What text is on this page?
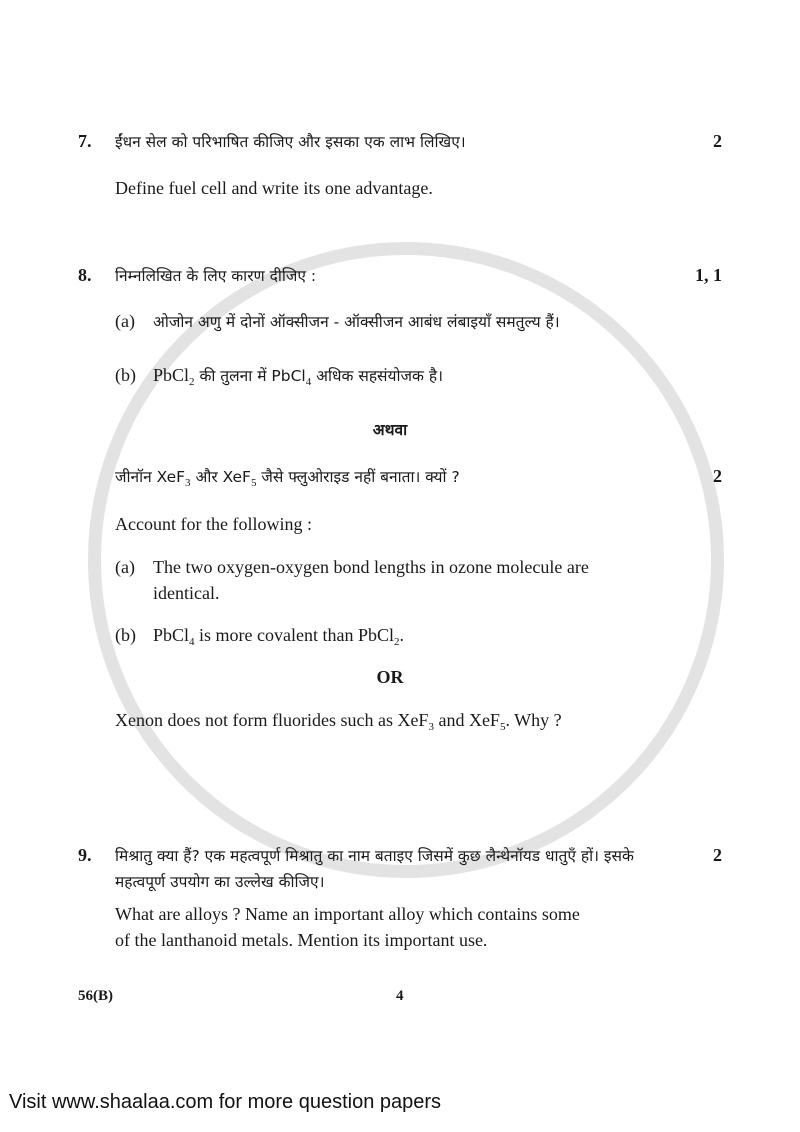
7.	ईंधन सेल को परिभाषित कीजिए और इसका एक लाभ लिखिए।	2
Define fuel cell and write its one advantage.
8.	निम्नलिखित के लिए कारण दीजिए :	1, 1
(a)	ओजोन अणु में दोनों ऑक्सीजन - ऑक्सीजन आबंध लंबाइयाँ समतुल्य हैं।
(b) PbCl$_2$ की तुलना में PbCl$_4$ अधिक सहसंयोजक है।
अथवा
जीनॉन XeF$_3$ और XeF$_5$ जैसे फ्लुओराइड नहीं बनाता। क्यों ?	2
Account for the following :
(a)	The two oxygen-oxygen bond lengths in ozone molecule are
identical.
(b) PbCl$_4$ is more covalent than PbCl$_2$.
OR
Xenon does not form fluorides such as XeF$_3$ and XeF$_5$. Why ?
9.	मिश्रातु क्या हैं? एक महत्वपूर्ण मिश्रातु का नाम बताइए जिसमें कुछ लैन्थेनॉयड धातुएँ हों। इसके महत्वपूर्ण उपयोग का उल्लेख कीजिए।
2
What are alloys ? Name an important alloy which contains some
of the lanthanoid metals. Mention its important use.
56(B)	4
Visit www.shaalaa.com for more question papers
